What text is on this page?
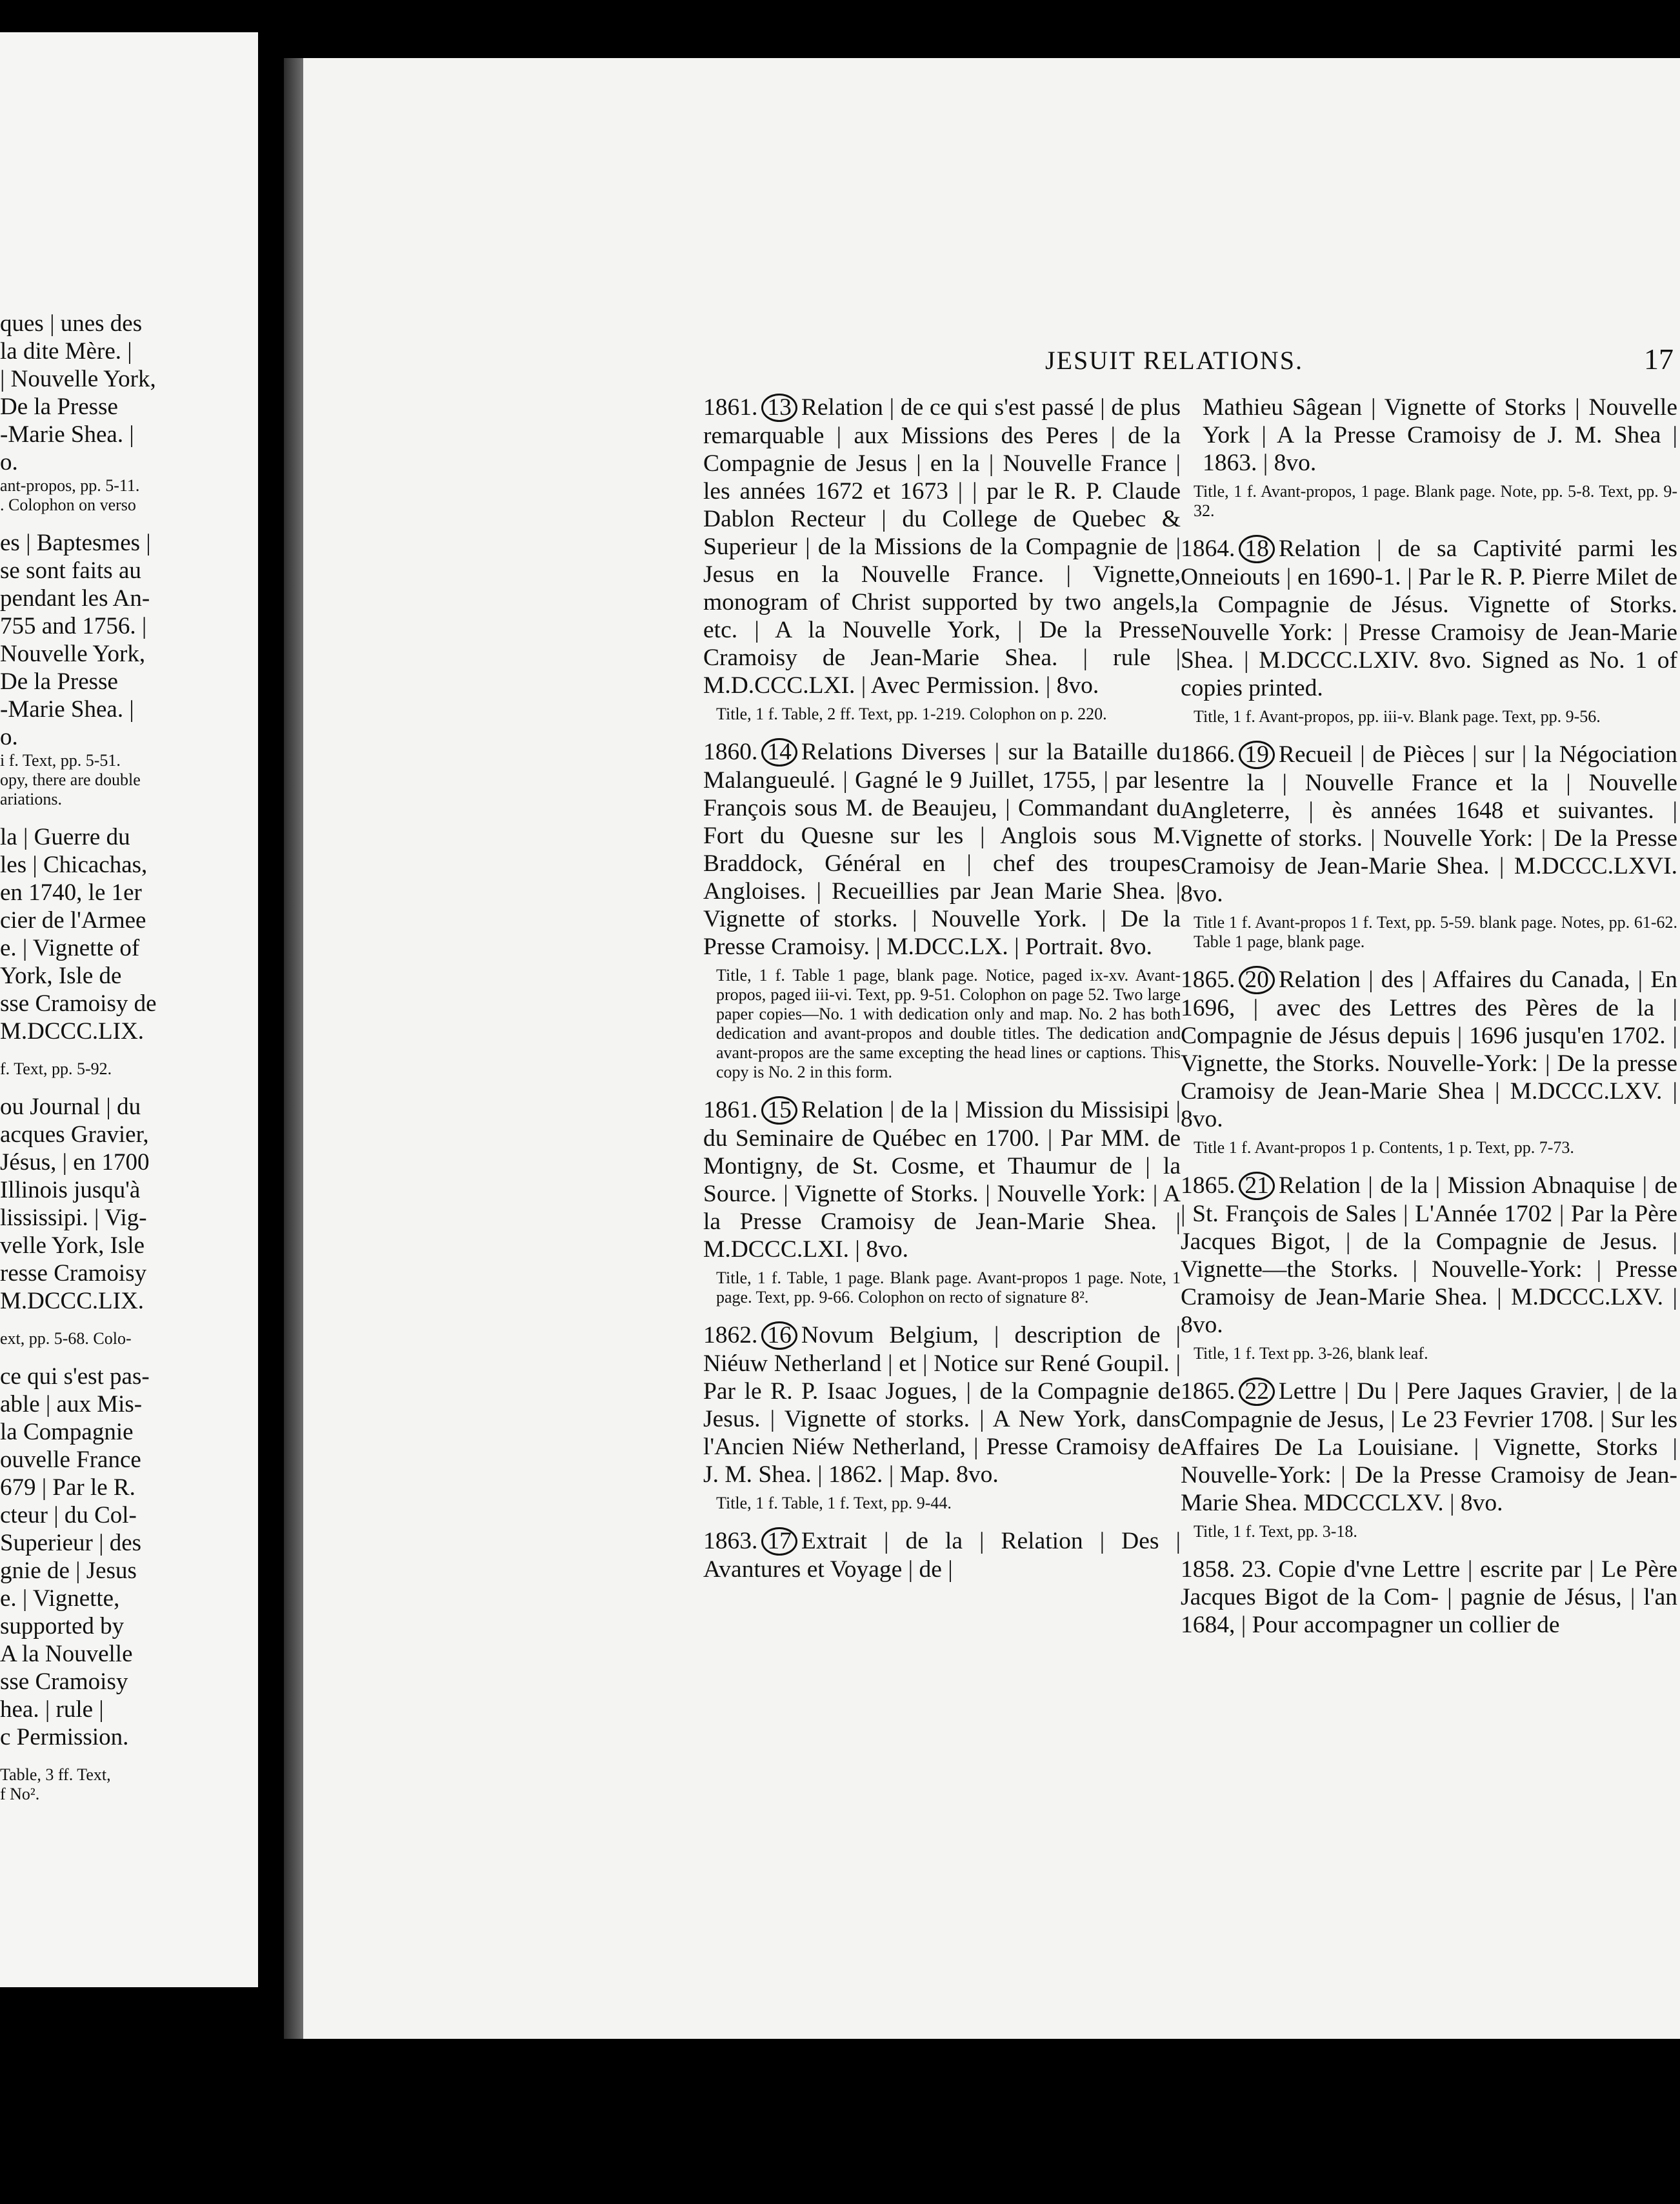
ques | unes des
la dite Mère. |
| Nouvelle York,
De la Presse
-Marie Shea. |
o.
ant-propos, pp. 5-11.
. Colophon on verso
es | Baptesmes |
se sont faits au
pendant les An-
755 and 1756. |
Nouvelle York,
De la Presse
-Marie Shea. |
o.
i f. Text, pp. 5-51.
opy, there are double
ariations.
la | Guerre du
les | Chicachas,
en 1740, le 1er
cier de l'Armee
e. | Vignette of
York, Isle de
sse Cramoisy de
M.DCCC.LIX.
f. Text, pp. 5-92.
ou Journal | du
acques Gravier,
Jésus, | en 1700
Illinois jusqu'à
lississipi. | Vig-
velle York, Isle
resse Cramoisy
M.DCCC.LIX.
ext, pp. 5-68. Colo-
ce qui s'est pas-
able | aux Mis-
la Compagnie
ouvelle France
679 | Par le R.
cteur | du Col-
Superieur | des
gnie de | Jesus
e. | Vignette,
supported by
A la Nouvelle
sse Cramoisy
hea. | rule |
c Permission.
Table, 3 ff. Text,
f No².
JESUIT RELATIONS.	17

1861. 13 Relation | de ce qui s'est passé | de plus remarquable | aux Missions des Peres | de la Compagnie de Jesus | en la | Nouvelle France | les années 1672 et 1673 | | par le R. P. Claude Dablon Recteur | du College de Quebec & Superieur | de la Missions de la Compagnie de | Jesus en la Nouvelle France. | Vignette, monogram of Christ supported by two angels, etc. | A la Nouvelle York, | De la Presse Cramoisy de Jean-Marie Shea. | rule | M.D.CCC.LXI. | Avec Permission. | 8vo.

Title, 1 f. Table, 2 ff. Text, pp. 1-219. Colophon on p. 220.

1860. 14 Relations Diverses | sur la Bataille du Malangueulé. | Gagné le 9 Juillet, 1755, | par les François sous M. de Beaujeu, | Commandant du Fort du Quesne sur les | Anglois sous M. Braddock, Général en | chef des troupes Angloises. | Recueillies par Jean Marie Shea. | Vignette of storks. | Nouvelle York. | De la Presse Cramoisy. | M.DCC.LX. | Portrait. 8vo.

Title, 1 f. Table 1 page, blank page. Notice, paged ix-xv. Avant-propos, paged iii-vi. Text, pp. 9-51. Colophon on page 52. Two large paper copies—No. 1 with dedication only and map. No. 2 has both dedication and avant-propos and double titles. The dedication and avant-propos are the same excepting the head lines or captions. This copy is No. 2 in this form.

1861. 15 Relation | de la | Mission du Missisipi | du Seminaire de Québec en 1700. | Par MM. de Montigny, de St. Cosme, et Thaumur de | la Source. | Vignette of Storks. | Nouvelle York: | A la Presse Cramoisy de Jean-Marie Shea. | M.DCCC.LXI. | 8vo.

Title, 1 f. Table, 1 page. Blank page. Avant-propos 1 page. Note, 1 page. Text, pp. 9-66. Colophon on recto of signature 8².

1862. 16 Novum Belgium, | description de | Niéuw Netherland | et | Notice sur René Goupil. | Par le R. P. Isaac Jogues, | de la Compagnie de Jesus. | Vignette of storks. | A New York, dans l'Ancien Niéw Netherland, | Presse Cramoisy de J. M. Shea. | 1862. | Map. 8vo.

Title, 1 f. Table, 1 f. Text, pp. 9-44.

1863. 17 Extrait | de la | Relation | Des | Avantures et Voyage | de |

Mathieu Sâgean | Vignette of Storks | Nouvelle York | A la Presse Cramoisy de J. M. Shea | 1863. | 8vo.

Title, 1 f. Avant-propos, 1 page. Blank page. Note, pp. 5-8. Text, pp. 9-32.

1864. 18 Relation | de sa Captivité parmi les Onneiouts | en 1690-1. | Par le R. P. Pierre Milet de la Compagnie de Jésus. Vignette of Storks. Nouvelle York: | Presse Cramoisy de Jean-Marie Shea. | M.DCCC.LXIV. 8vo. Signed as No. 1 of copies printed.

Title, 1 f. Avant-propos, pp. iii-v. Blank page. Text, pp. 9-56.

1866. 19 Recueil | de Pièces | sur | la Négociation entre la | Nouvelle France et la | Nouvelle Angleterre, | ès années 1648 et suivantes. | Vignette of storks. | Nouvelle York: | De la Presse Cramoisy de Jean-Marie Shea. | M.DCCC.LXVI. 8vo.

Title 1 f. Avant-propos 1 f. Text, pp. 5-59. blank page. Notes, pp. 61-62. Table 1 page, blank page.

1865. 20 Relation | des | Affaires du Canada, | En 1696, | avec des Lettres des Pères de la | Compagnie de Jésus depuis | 1696 jusqu'en 1702. | Vignette, the Storks. Nouvelle-York: | De la presse Cramoisy de Jean-Marie Shea | M.DCCC.LXV. | 8vo.

Title 1 f. Avant-propos 1 p. Contents, 1 p. Text, pp. 7-73.

1865. 21 Relation | de la | Mission Abnaquise | de | St. François de Sales | L'Année 1702 | Par la Père Jacques Bigot, | de la Compagnie de Jesus. | Vignette—the Storks. | Nouvelle-York: | Presse Cramoisy de Jean-Marie Shea. | M.DCCC.LXV. | 8vo.

Title, 1 f. Text pp. 3-26, blank leaf.

1865. 22 Lettre | Du | Pere Jaques Gravier, | de la Compagnie de Jesus, | Le 23 Fevrier 1708. | Sur les Affaires De La Louisiane. | Vignette, Storks | Nouvelle-York: | De la Presse Cramoisy de Jean-Marie Shea. MDCCCLXV. | 8vo.

Title, 1 f. Text, pp. 3-18.

1858. 23. Copie d'vne Lettre | escrite par | Le Père Jacques Bigot de la Com- | pagnie de Jésus, | l'an 1684, | Pour accompagner un collier de
